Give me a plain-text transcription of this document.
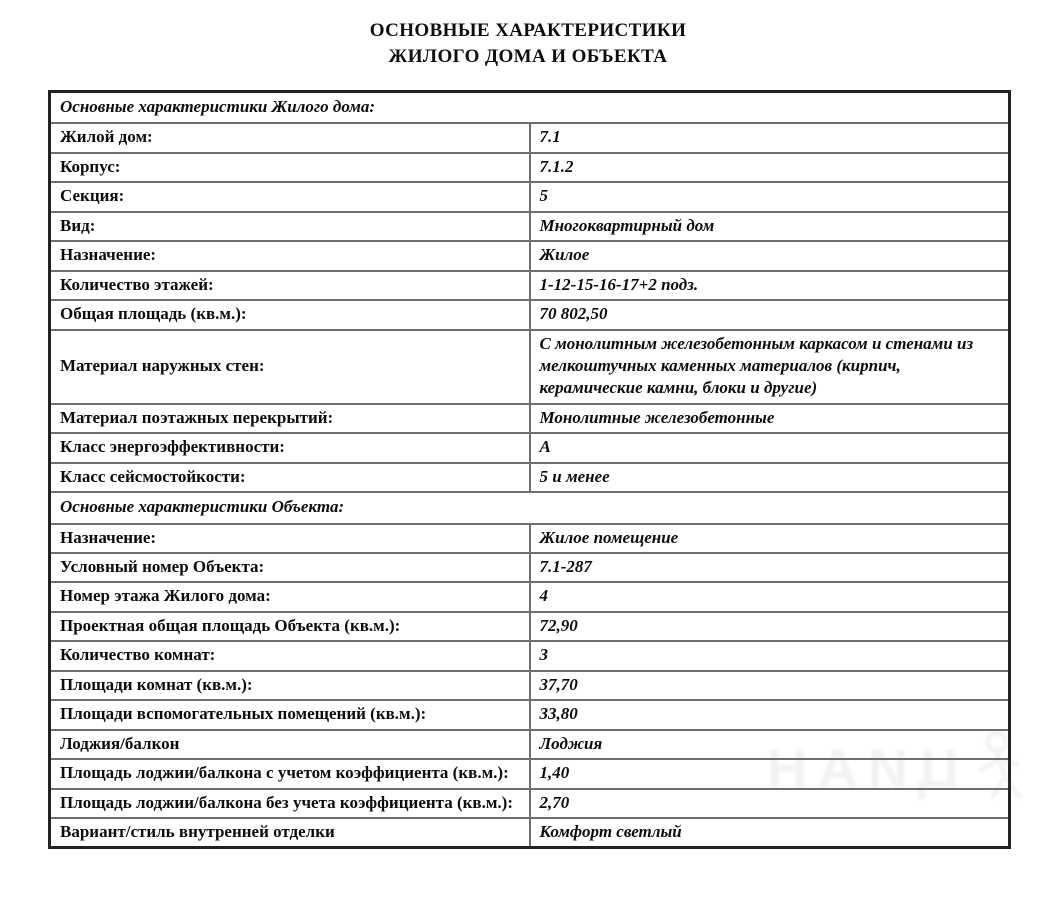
ОСНОВНЫЕ ХАРАКТЕРИСТИКИ
ЖИЛОГО ДОМА И ОБЪЕКТА
Основные характеристики Жилого дома:	
Жилой дом:	7.1
Корпус:	7.1.2
Секция:	5
Вид:	Многоквартирный дом
Назначение:	Жилое
Количество этажей:	1-12-15-16-17+2 подз.
Общая площадь (кв.м.):	70 802,50
Материал наружных стен:	С монолитным железобетонным каркасом и стенами из мелкоштучных каменных материалов (кирпич, керамические камни, блоки и другие)
Материал поэтажных перекрытий:	Монолитные железобетонные
Класс энергоэффективности:	А
Класс сейсмостойкости:	5 и менее
Основные характеристики Объекта:	
Назначение:	Жилое помещение
Условный номер Объекта:	7.1-287
Номер этажа Жилого дома:	4
Проектная общая площадь Объекта (кв.м.):	72,90
Количество комнат:	3
Площади комнат (кв.м.):	37,70
Площади вспомогательных помещений (кв.м.):	33,80
Лоджия/балкон	Лоджия
Площадь лоджии/балкона с учетом коэффициента (кв.м.):	1,40
Площадь лоджии/балкона без учета коэффициента (кв.м.):	2,70
Вариант/стиль внутренней отделки	Комфорт светлый
ЦИАН
